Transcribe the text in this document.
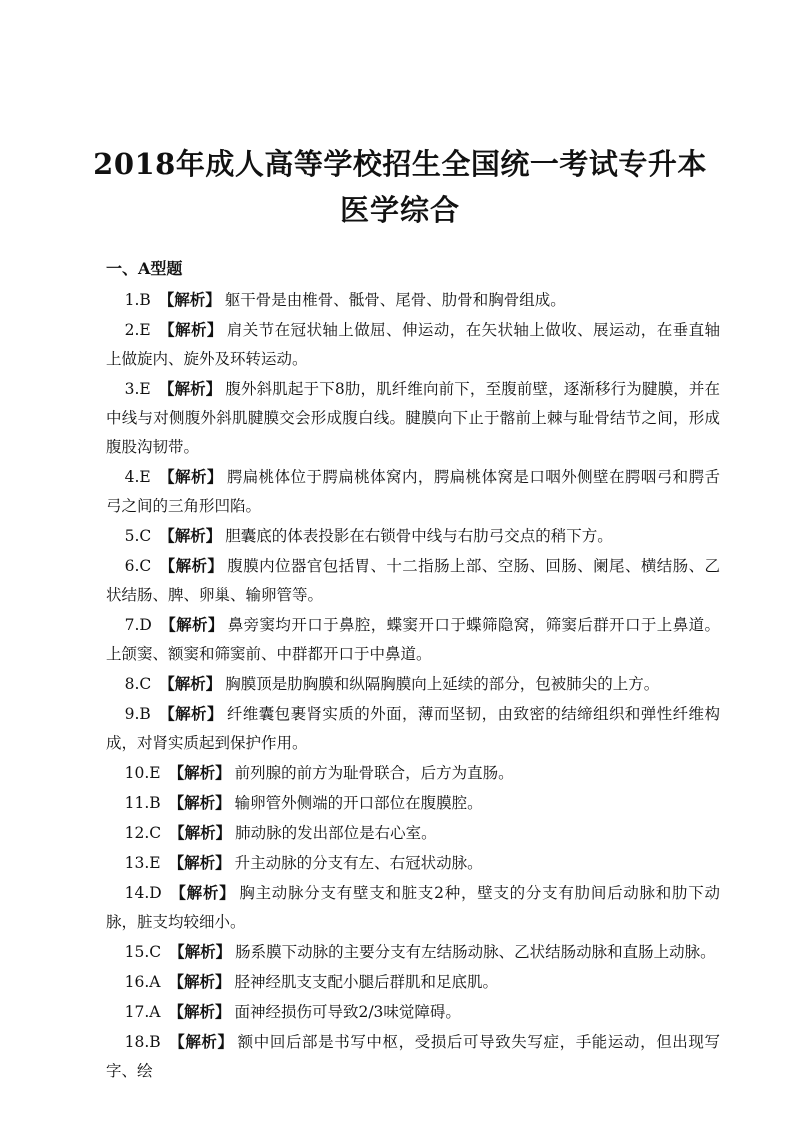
2018年成人高等学校招生全国统一考试专升本
医学综合
一、A型题
1.B 【解析】 躯干骨是由椎骨、骶骨、尾骨、肋骨和胸骨组成。
2.E 【解析】 肩关节在冠状轴上做屈、伸运动，在矢状轴上做收、展运动，在垂直轴上做旋内、旋外及环转运动。
3.E 【解析】 腹外斜肌起于下8肋，肌纤维向前下，至腹前壁，逐渐移行为腱膜，并在中线与对侧腹外斜肌腱膜交会形成腹白线。腱膜向下止于髂前上棘与耻骨结节之间，形成腹股沟韧带。
4.E 【解析】 腭扁桃体位于腭扁桃体窝内，腭扁桃体窝是口咽外侧壁在腭咽弓和腭舌弓之间的三角形凹陷。
5.C 【解析】 胆囊底的体表投影在右锁骨中线与右肋弓交点的稍下方。
6.C 【解析】 腹膜内位器官包括胃、十二指肠上部、空肠、回肠、阑尾、横结肠、乙状结肠、脾、卵巢、输卵管等。
7.D 【解析】 鼻旁窦均开口于鼻腔，蝶窦开口于蝶筛隐窝，筛窦后群开口于上鼻道。上颌窦、额窦和筛窦前、中群都开口于中鼻道。
8.C 【解析】 胸膜顶是肋胸膜和纵隔胸膜向上延续的部分，包被肺尖的上方。
9.B 【解析】 纤维囊包裹肾实质的外面，薄而坚韧，由致密的结缔组织和弹性纤维构成，对肾实质起到保护作用。
10.E 【解析】 前列腺的前方为耻骨联合，后方为直肠。
11.B 【解析】 输卵管外侧端的开口部位在腹膜腔。
12.C 【解析】 肺动脉的发出部位是右心室。
13.E 【解析】 升主动脉的分支有左、右冠状动脉。
14.D 【解析】 胸主动脉分支有壁支和脏支2种，壁支的分支有肋间后动脉和肋下动脉，脏支均较细小。
15.C 【解析】 肠系膜下动脉的主要分支有左结肠动脉、乙状结肠动脉和直肠上动脉。
16.A 【解析】 胫神经肌支支配小腿后群肌和足底肌。
17.A 【解析】 面神经损伤可导致2/3味觉障碍。
18.B 【解析】 额中回后部是书写中枢，受损后可导致失写症，手能运动，但出现写字、绘
